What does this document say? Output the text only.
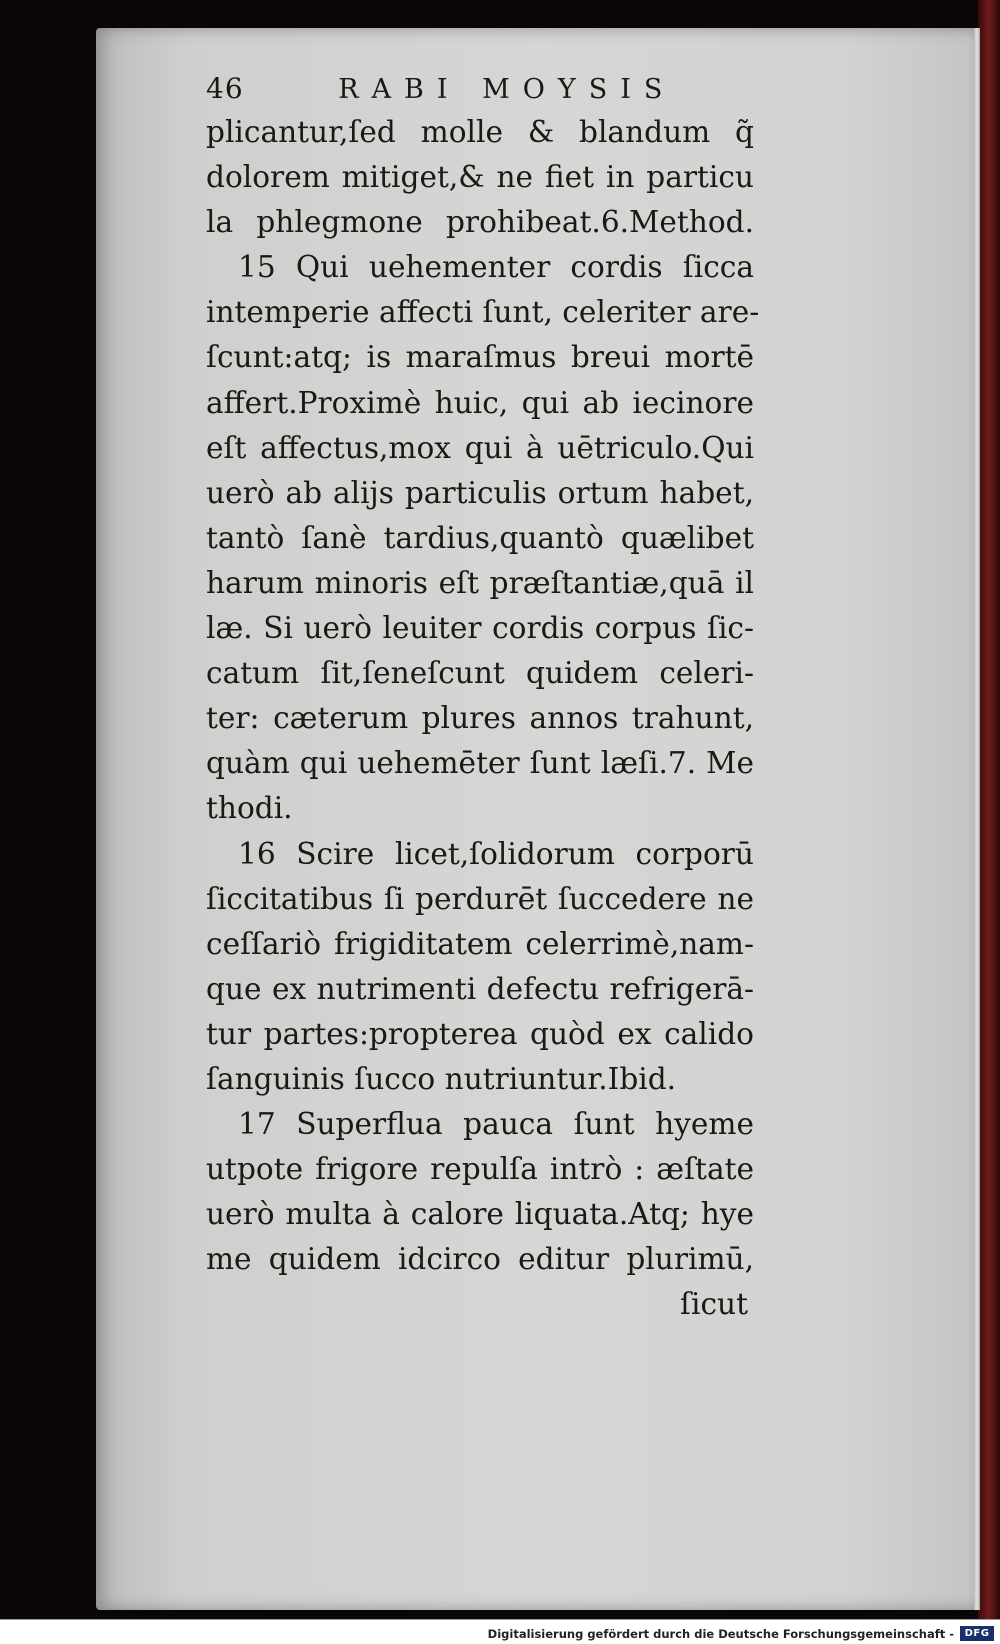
46	RABI MOYSIS
plicantur,ſed molle & blandum q̃
dolorem mitiget,& ne fiet in particu
la phlegmone prohibeat.6.Method.
15 Qui uehementer cordis ſicca
intemperie affecti ſunt, celeriter are-
ſcunt:atq; is maraſmus breui mortē
affert.Proximè huic, qui ab iecinore
eſt affectus,mox qui à uētriculo.Qui
uerò ab alijs particulis ortum habet,
tantò ſanè tardius,quantò quælibet
harum minoris eſt præſtantiæ,quā il
læ. Si uerò leuiter cordis corpus ſic-
catum ſit,ſeneſcunt quidem celeri-
ter: cæterum plures annos trahunt,
quàm qui uehemēter ſunt læſi.7. Me
thodi.
16 Scire licet,ſolidorum corporū
ſiccitatibus ſi perdurēt ſuccedere ne
ceſſariò frigiditatem celerrimè,nam-
que ex nutrimenti defectu refrigerā-
tur partes:propterea quòd ex calido
ſanguinis ſucco nutriuntur.Ibid.
17 Superflua pauca ſunt hyeme
utpote frigore repulſa intrò : æſtate
uerò multa à calore liquata.Atq; hye
me quidem idcirco editur plurimū,
ſicut
Digitalisierung gefördert durch die Deutsche Forschungsgemeinschaft -	DFG
